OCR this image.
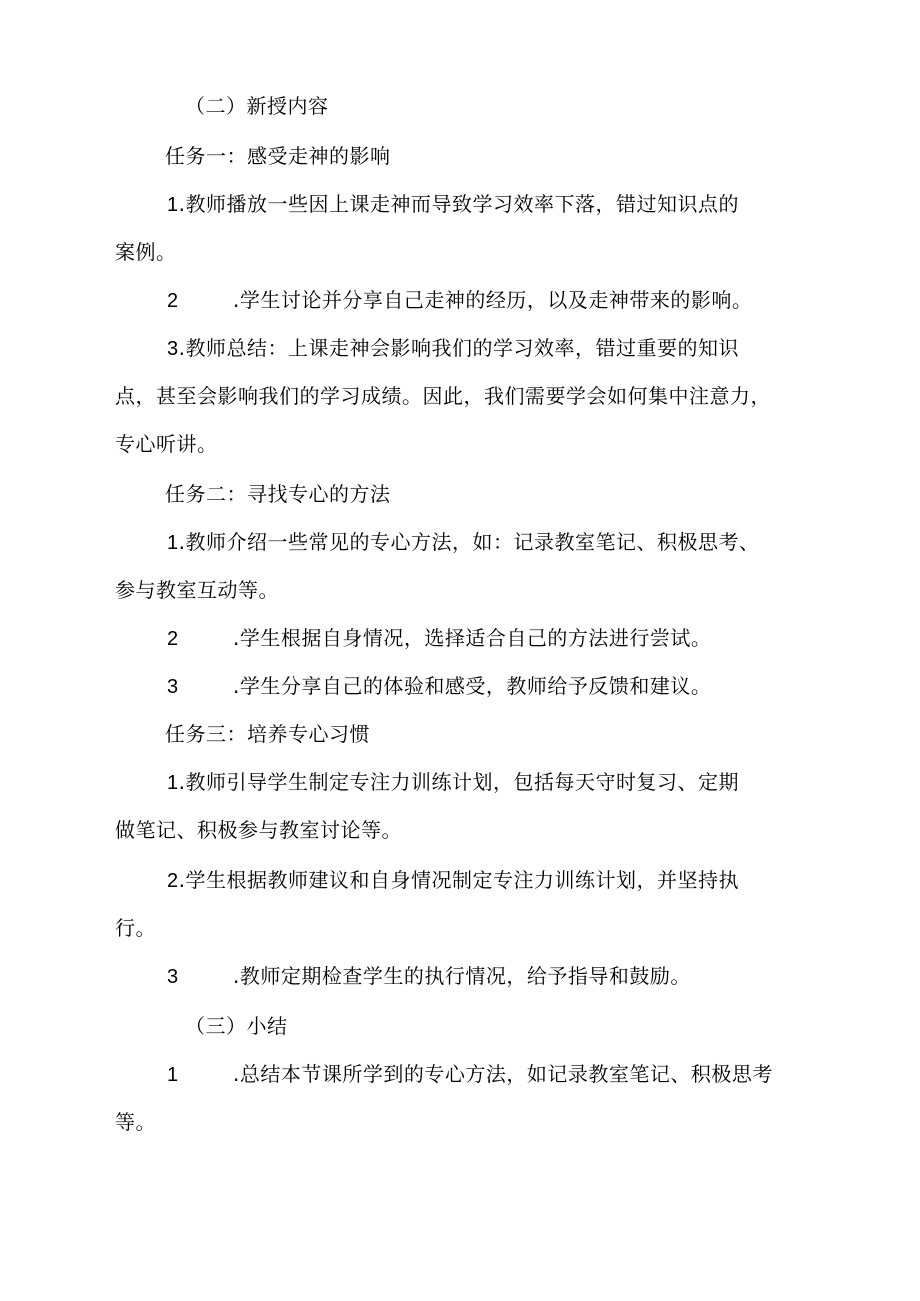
（二）新授内容
任务一：感受走神的影响
1.教师播放一些因上课走神而导致学习效率下落，错过知识点的
案例。
2	.学生讨论并分享自己走神的经历，以及走神带来的影响。
3.教师总结：上课走神会影响我们的学习效率，错过重要的知识
点，甚至会影响我们的学习成绩。因此，我们需要学会如何集中注意力，
专心听讲。
任务二：寻找专心的方法
1.教师介绍一些常见的专心方法，如：记录教室笔记、积极思考、
参与教室互动等。
2	.学生根据自身情况，选择适合自己的方法进行尝试。
3	.学生分享自己的体验和感受，教师给予反馈和建议。
任务三：培养专心习惯
1.教师引导学生制定专注力训练计划，包括每天守时复习、定期
做笔记、积极参与教室讨论等。
2.学生根据教师建议和自身情况制定专注力训练计划，并坚持执
行。
3	.教师定期检查学生的执行情况，给予指导和鼓励。
（三）小结
1	.总结本节课所学到的专心方法，如记录教室笔记、积极思考
等。
